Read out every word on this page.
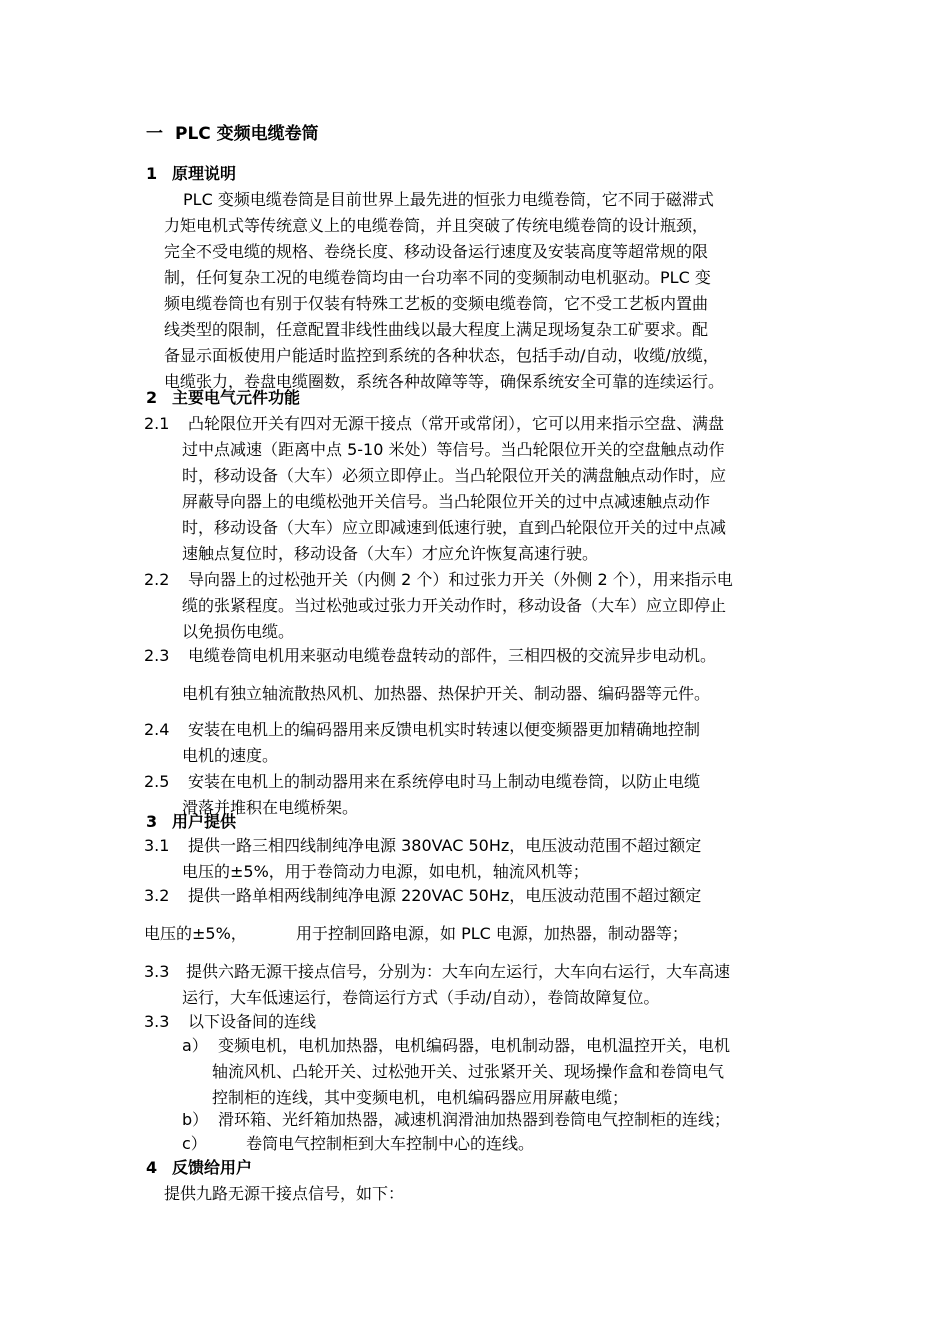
一 PLC 变频电缆卷筒
1 原理说明
PLC 变频电缆卷筒是目前世界上最先进的恒张力电缆卷筒，它不同于磁滞式
力矩电机式等传统意义上的电缆卷筒，并且突破了传统电缆卷筒的设计瓶颈，
完全不受电缆的规格、卷绕长度、移动设备运行速度及安装高度等超常规的限
制，任何复杂工况的电缆卷筒均由一台功率不同的变频制动电机驱动。PLC 变
频电缆卷筒也有别于仅装有特殊工艺板的变频电缆卷筒，它不受工艺板内置曲
线类型的限制，任意配置非线性曲线以最大程度上满足现场复杂工矿要求。配
备显示面板使用户能适时监控到系统的各种状态，包括手动/自动，收缆/放缆，
电缆张力，卷盘电缆圈数，系统各种故障等等，确保系统安全可靠的连续运行。
2 主要电气元件功能
2.1 凸轮限位开关有四对无源干接点（常开或常闭），它可以用来指示空盘、满盘
过中点减速（距离中点 5-10 米处）等信号。当凸轮限位开关的空盘触点动作
时，移动设备（大车）必须立即停止。当凸轮限位开关的满盘触点动作时，应
屏蔽导向器上的电缆松弛开关信号。当凸轮限位开关的过中点减速触点动作
时，移动设备（大车）应立即减速到低速行驶，直到凸轮限位开关的过中点减
速触点复位时，移动设备（大车）才应允许恢复高速行驶。
2.2 导向器上的过松弛开关（内侧 2 个）和过张力开关（外侧 2 个），用来指示电
缆的张紧程度。当过松弛或过张力开关动作时，移动设备（大车）应立即停止
以免损伤电缆。
2.3 电缆卷筒电机用来驱动电缆卷盘转动的部件，三相四极的交流异步电动机。
电机有独立轴流散热风机、加热器、热保护开关、制动器、编码器等元件。
2.4 安装在电机上的编码器用来反馈电机实时转速以便变频器更加精确地控制
电机的速度。
2.5 安装在电机上的制动器用来在系统停电时马上制动电缆卷筒，以防止电缆
滑落并堆积在电缆桥架。
3 用户提供
3.1 提供一路三相四线制纯净电源 380VAC 50Hz，电压波动范围不超过额定
电压的±5%，用于卷筒动力电源，如电机，轴流风机等；
3.2 提供一路单相两线制纯净电源 220VAC 50Hz，电压波动范围不超过额定
电压的±5%，	用于控制回路电源，如 PLC 电源，加热器，制动器等；
3.3 提供六路无源干接点信号，分别为：大车向左运行，大车向右运行，大车高速
运行，大车低速运行，卷筒运行方式（手动/自动），卷筒故障复位。
3.3 以下设备间的连线
a） 变频电机，电机加热器，电机编码器，电机制动器，电机温控开关，电机
轴流风机、凸轮开关、过松弛开关、过张紧开关、现场操作盒和卷筒电气
控制柜的连线，其中变频电机，电机编码器应用屏蔽电缆；
b） 滑环箱、光纤箱加热器，减速机润滑油加热器到卷筒电气控制柜的连线；
c） 卷筒电气控制柜到大车控制中心的连线。
4 反馈给用户
提供九路无源干接点信号，如下：
